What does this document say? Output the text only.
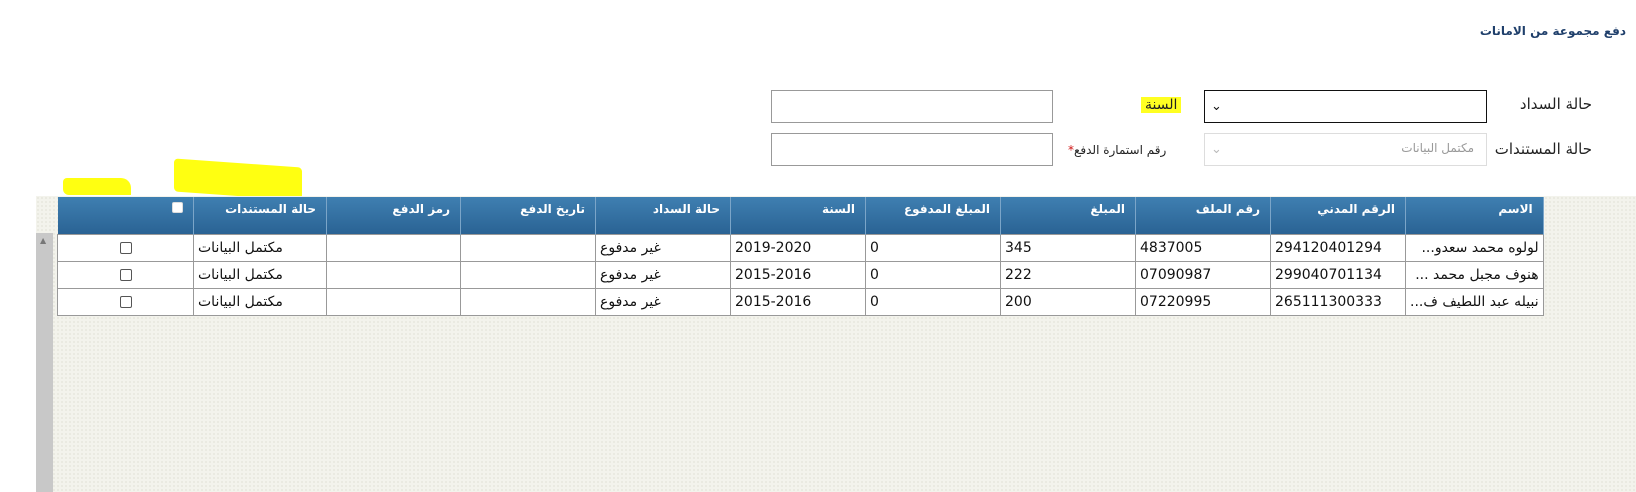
دفع مجموعة من الامانات
حالة السداد
⌄
حالة المستندات
مكتمل البيانات
⌄
السنة
رقم استمارة الدفع*
▲
الاسم	الرقم المدني	رقم الملف	المبلغ	المبلغ المدفوع	السنة	حالة السداد	تاريخ الدفع	رمز الدفع	حالة المستندات	
لولوه محمد سعدو...	294120401294	4837005	345	0	2019-2020	غير مدفوع			مكتمل البيانات	
هنوف مجبل محمد ...	299040701134	07090987	222	0	2015-2016	غير مدفوع			مكتمل البيانات	
نبيله عبد اللطيف ف...	265111300333	07220995	200	0	2015-2016	غير مدفوع			مكتمل البيانات	
